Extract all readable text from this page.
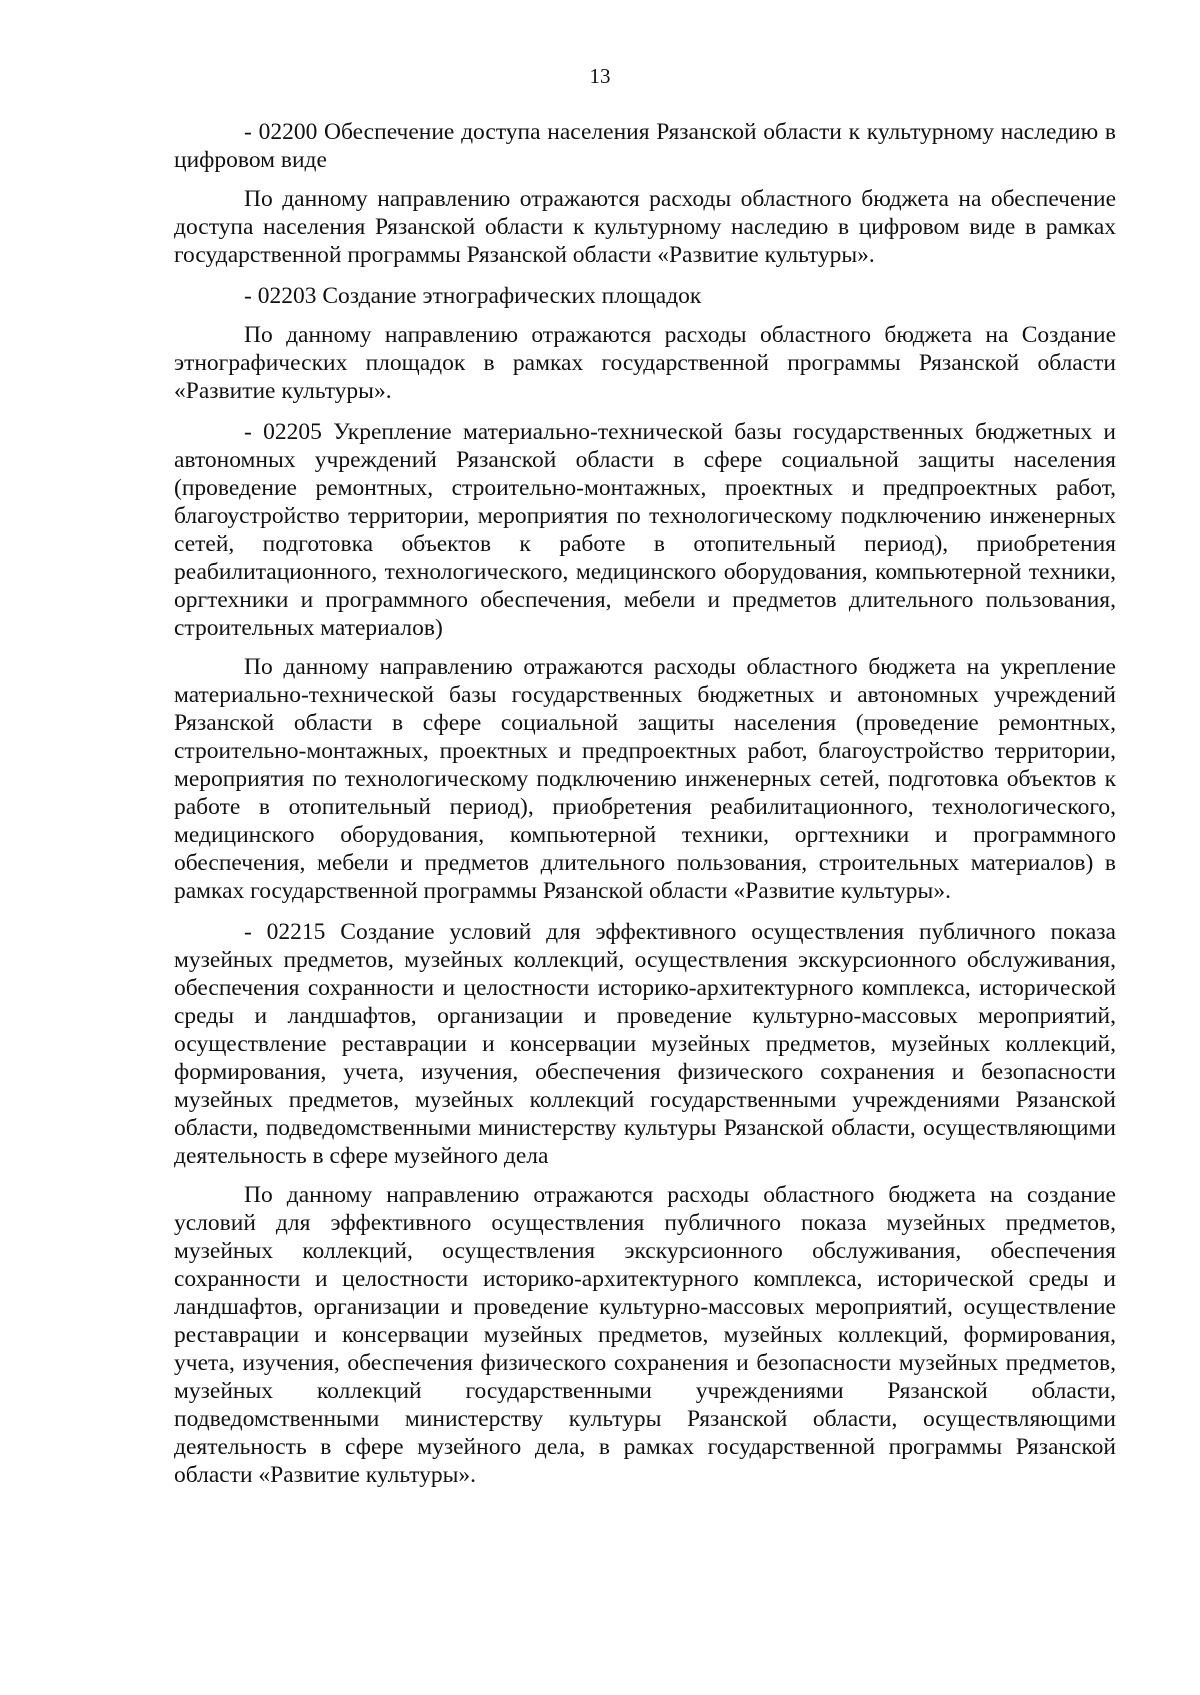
13

- 02200 Обеспечение доступа населения Рязанской области к культурному наследию в цифровом виде

По данному направлению отражаются расходы областного бюджета на обеспечение доступа населения Рязанской области к культурному наследию в цифровом виде в рамках государственной программы Рязанской области «Развитие культуры».

- 02203 Создание этнографических площадок

По данному направлению отражаются расходы областного бюджета на Создание этнографических площадок в рамках государственной программы Рязанской области «Развитие культуры».

- 02205 Укрепление материально-технической базы государственных бюджетных и автономных учреждений Рязанской области в сфере социальной защиты населения (проведение ремонтных, строительно-монтажных, проектных и предпроектных работ, благоустройство территории, мероприятия по технологическому подключению инженерных сетей, подготовка объектов к работе в отопительный период), приобретения реабилитационного, технологического, медицинского оборудования, компьютерной техники, оргтехники и программного обеспечения, мебели и предметов длительного пользования, строительных материалов)

По данному направлению отражаются расходы областного бюджета на укрепление материально-технической базы государственных бюджетных и автономных учреждений Рязанской области в сфере социальной защиты населения (проведение ремонтных, строительно-монтажных, проектных и предпроектных работ, благоустройство территории, мероприятия по технологическому подключению инженерных сетей, подготовка объектов к работе в отопительный период), приобретения реабилитационного, технологического, медицинского оборудования, компьютерной техники, оргтехники и программного обеспечения, мебели и предметов длительного пользования, строительных материалов) в рамках государственной программы Рязанской области «Развитие культуры».

- 02215 Создание условий для эффективного осуществления публичного показа музейных предметов, музейных коллекций, осуществления экскурсионного обслуживания, обеспечения сохранности и целостности историко-архитектурного комплекса, исторической среды и ландшафтов, организации и проведение культурно-массовых мероприятий, осуществление реставрации и консервации музейных предметов, музейных коллекций, формирования, учета, изучения, обеспечения физического сохранения и безопасности музейных предметов, музейных коллекций государственными учреждениями Рязанской области, подведомственными министерству культуры Рязанской области, осуществляющими деятельность в сфере музейного дела

По данному направлению отражаются расходы областного бюджета на создание условий для эффективного осуществления публичного показа музейных предметов, музейных коллекций, осуществления экскурсионного обслуживания, обеспечения сохранности и целостности историко-архитектурного комплекса, исторической среды и ландшафтов, организации и проведение культурно-массовых мероприятий, осуществление реставрации и консервации музейных предметов, музейных коллекций, формирования, учета, изучения, обеспечения физического сохранения и безопасности музейных предметов, музейных коллекций государственными учреждениями Рязанской области, подведомственными министерству культуры Рязанской области, осуществляющими деятельность в сфере музейного дела, в рамках государственной программы Рязанской области «Развитие культуры».
